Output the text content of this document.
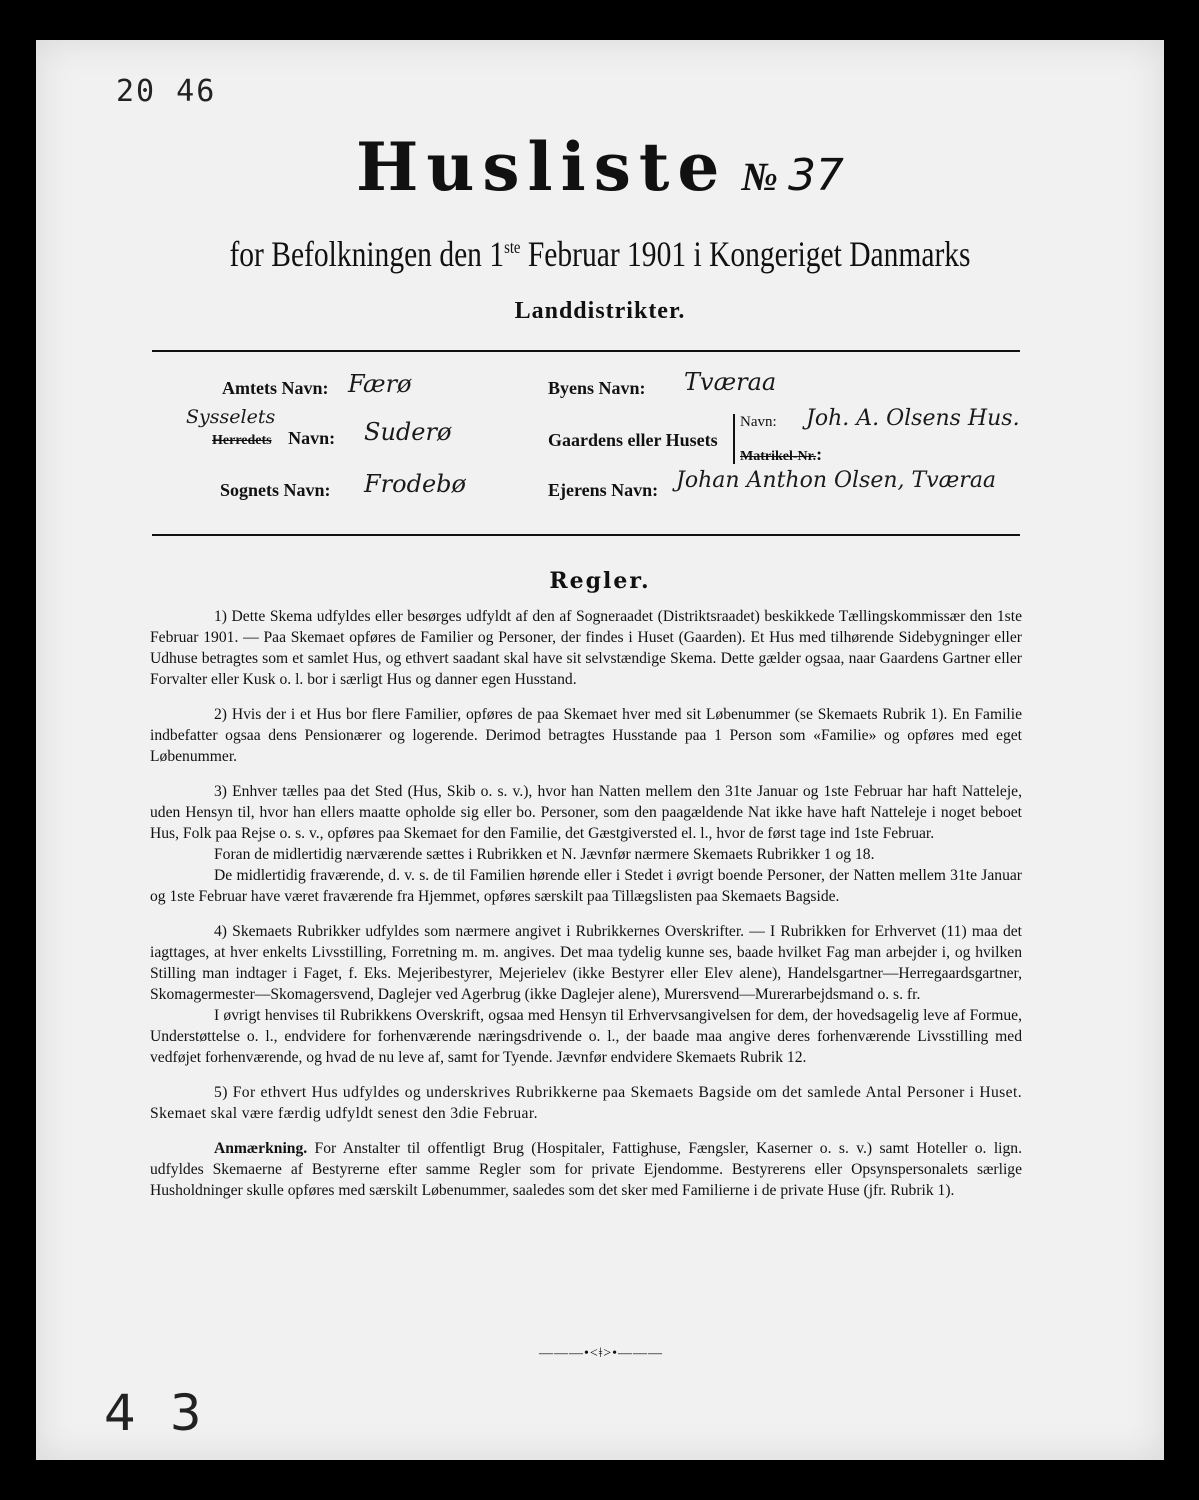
20 46
Husliste № 37
for Befolkningen den 1ste Februar 1901 i Kongeriget Danmarks
Landdistrikter.
Amtets Navn: Færø
Sysselets
Herredets Navn: Suderø
Sognets Navn: Frodebø
Byens Navn: Tværaa
Gaardens eller Husets
Navn: Joh. A. Olsens Hus.
Matrikel-Nr.:
Ejerens Navn: Johan Anthon Olsen, Tværaa
Regler.

1) Dette Skema udfyldes eller besørges udfyldt af den af Sogneraadet (Distriktsraadet) beskikkede Tællingskommissær den 1ste Februar 1901. — Paa Skemaet opføres de Familier og Personer, der findes i Huset (Gaarden). Et Hus med tilhørende Sidebygninger eller Udhuse betragtes som et samlet Hus, og ethvert saadant skal have sit selvstændige Skema. Dette gælder ogsaa, naar Gaardens Gartner eller Forvalter eller Kusk o. l. bor i særligt Hus og danner egen Husstand.

2) Hvis der i et Hus bor flere Familier, opføres de paa Skemaet hver med sit Løbenummer (se Skemaets Rubrik 1). En Familie indbefatter ogsaa dens Pensionærer og logerende. Derimod betragtes Husstande paa 1 Person som «Familie» og opføres med eget Løbenummer.

3) Enhver tælles paa det Sted (Hus, Skib o. s. v.), hvor han Natten mellem den 31te Januar og 1ste Februar har haft Natteleje, uden Hensyn til, hvor han ellers maatte opholde sig eller bo. Personer, som den paagældende Nat ikke have haft Natteleje i noget beboet Hus, Folk paa Rejse o. s. v., opføres paa Skemaet for den Familie, det Gæstgiversted el. l., hvor de først tage ind 1ste Februar.

Foran de midlertidig nærværende sættes i Rubrikken et N. Jævnfør nærmere Skemaets Rubrikker 1 og 18.

De midlertidig fraværende, d. v. s. de til Familien hørende eller i Stedet i øvrigt boende Personer, der Natten mellem 31te Januar og 1ste Februar have været fraværende fra Hjemmet, opføres særskilt paa Tillægslisten paa Skemaets Bagside.

4) Skemaets Rubrikker udfyldes som nærmere angivet i Rubrikkernes Overskrifter. — I Rubrikken for Erhvervet (11) maa det iagttages, at hver enkelts Livsstilling, Forretning m. m. angives. Det maa tydelig kunne ses, baade hvilket Fag man arbejder i, og hvilken Stilling man indtager i Faget, f. Eks. Mejeribestyrer, Mejerielev (ikke Bestyrer eller Elev alene), Handelsgartner—Herregaardsgartner, Skomagermester—Skomagersvend, Daglejer ved Agerbrug (ikke Daglejer alene), Murersvend—Murerarbejdsmand o. s. fr.

I øvrigt henvises til Rubrikkens Overskrift, ogsaa med Hensyn til Erhvervsangivelsen for dem, der hovedsagelig leve af Formue, Understøttelse o. l., endvidere for forhenværende næringsdrivende o. l., der baade maa angive deres forhenværende Livsstilling med vedføjet forhenværende, og hvad de nu leve af, samt for Tyende. Jævnfør endvidere Skemaets Rubrik 12.

5) For ethvert Hus udfyldes og underskrives Rubrikkerne paa Skemaets Bagside om det samlede Antal Personer i Huset. Skemaet skal være færdig udfyldt senest den 3die Februar.

Anmærkning. For Anstalter til offentligt Brug (Hospitaler, Fattighuse, Fængsler, Kaserner o. s. v.) samt Hoteller o. lign. udfyldes Skemaerne af Bestyrerne efter samme Regler som for private Ejendomme. Bestyrerens eller Opsynspersonalets særlige Husholdninger skulle opføres med særskilt Løbenummer, saaledes som det sker med Familierne i de private Huse (jfr. Rubrik 1).

———•<ǂ>•———
43
